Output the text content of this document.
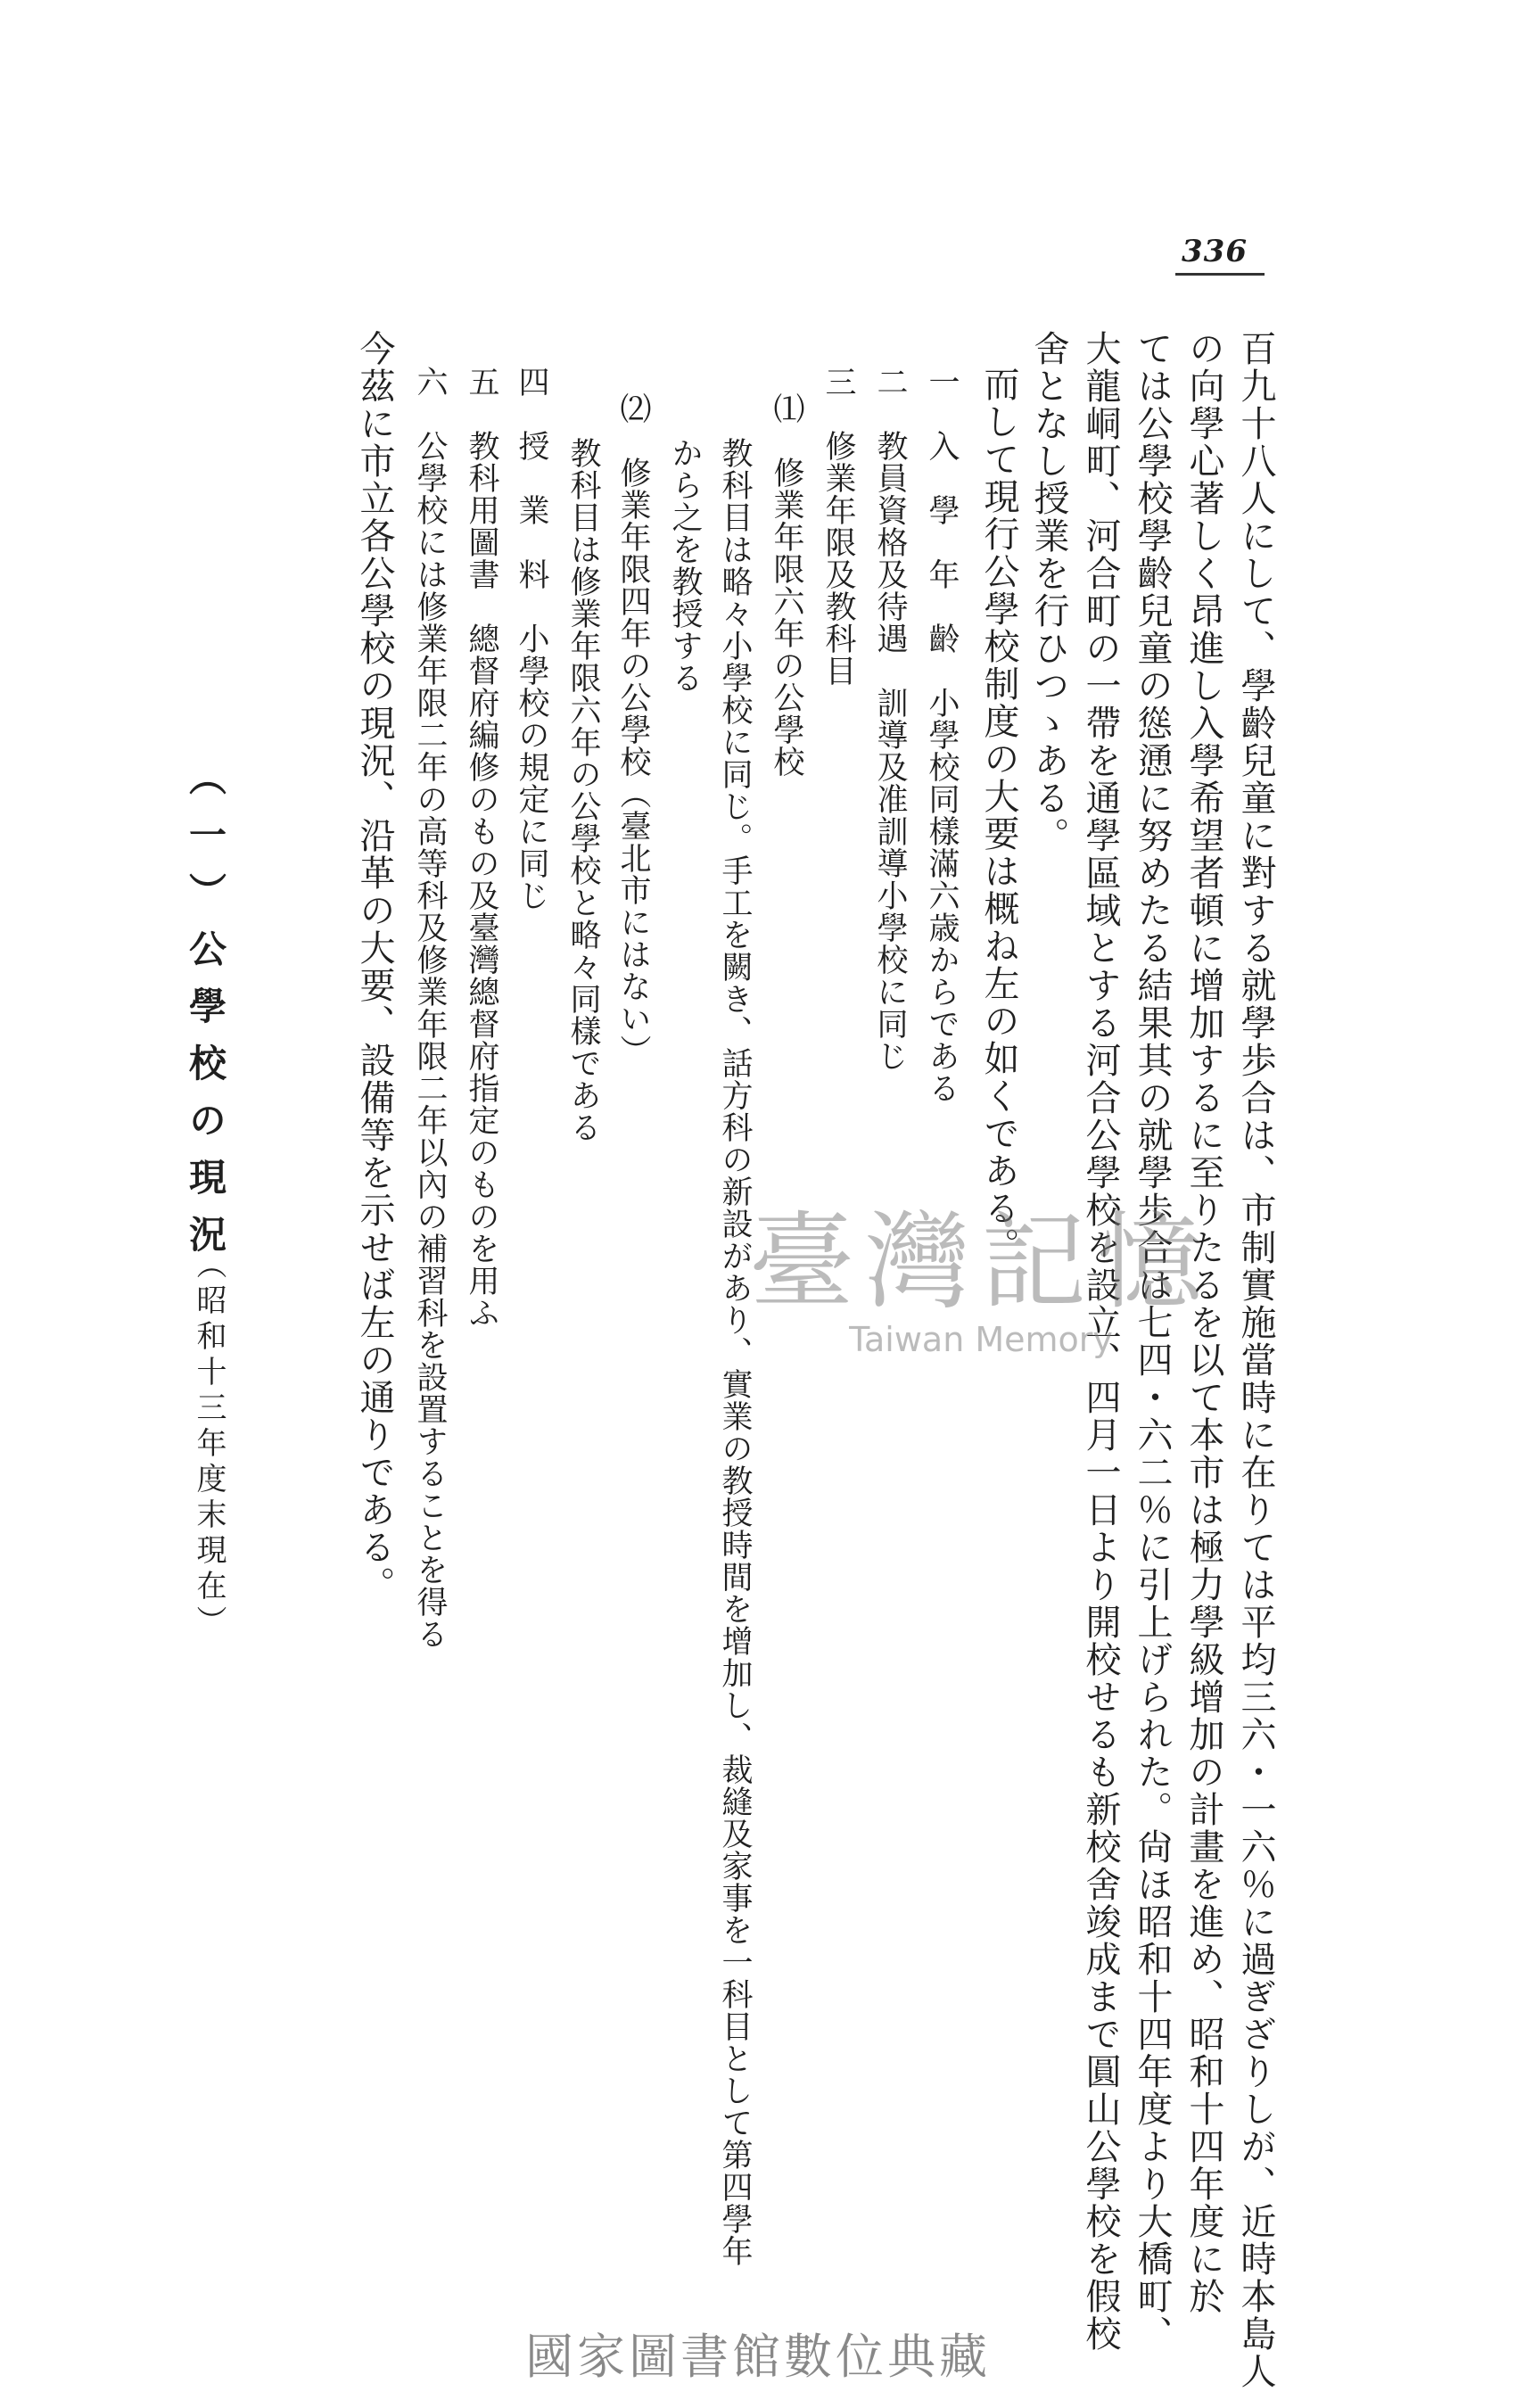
336
百九十八人にして、學齡兒童に對する就學歩合は、市制實施當時に在りては平均三六・一六％に過ぎざりしが、近時本島人
の向學心著しく昂進し入學希望者頓に增加するに至りたるを以て本市は極力學級增加の計畫を進め、昭和十四年度に於
ては公學校學齡兒童の慫慂に努めたる結果其の就學歩合は七四・六二％に引上げられた。尙ほ昭和十四年度より大橋町、
大龍峒町、河合町の一帶を通學區域とする河合公學校を設立、四月一日より開校せるも新校舍竣成まで圓山公學校を假校
舍となし授業を行ひつゝある。
而して現行公學校制度の大要は概ね左の如くである。
一　入　學　年　齡　小學校同樣滿六歳からである
二　教員資格及待遇　訓導及准訓導小學校に同じ
三　修業年限及教科目
⑴　修業年限六年の公學校
教科目は略々小學校に同じ。手工を闕き、話方科の新設があり、實業の教授時間を增加し、裁縫及家事を一科目として第四學年
から之を教授する
⑵　修業年限四年の公學校（臺北市にはない）
教科目は修業年限六年の公學校と略々同樣である
四　授　業　料　小學校の規定に同じ
五　教科用圖書　總督府編修のもの及臺灣總督府指定のものを用ふ
六　公學校には修業年限二年の高等科及修業年限二年以內の補習科を設置することを得る
今茲に市立各公學校の現況、沿革の大要、設備等を示せば左の通りである。
（一）公學校の現況
（昭和十三年度末現在）	臺灣記憶
Taiwan Memory
國家圖書館數位典藏
